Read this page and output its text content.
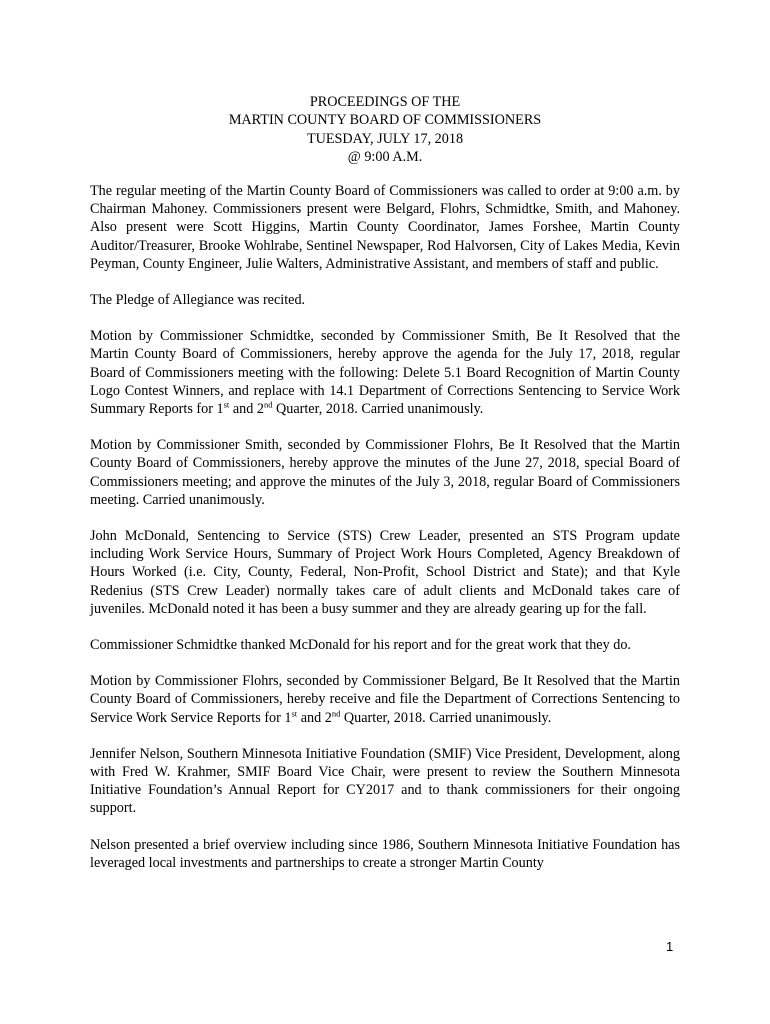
PROCEEDINGS OF THE
MARTIN COUNTY BOARD OF COMMISSIONERS
TUESDAY, JULY 17, 2018
@ 9:00 A.M.

The regular meeting of the Martin County Board of Commissioners was called to order at 9:00 a.m. by Chairman Mahoney. Commissioners present were Belgard, Flohrs, Schmidtke, Smith, and Mahoney. Also present were Scott Higgins, Martin County Coordinator, James Forshee, Martin County Auditor/Treasurer, Brooke Wohlrabe, Sentinel Newspaper, Rod Halvorsen, City of Lakes Media, Kevin Peyman, County Engineer, Julie Walters, Administrative Assistant, and members of staff and public.

The Pledge of Allegiance was recited.

Motion by Commissioner Schmidtke, seconded by Commissioner Smith, Be It Resolved that the Martin County Board of Commissioners, hereby approve the agenda for the July 17, 2018, regular Board of Commissioners meeting with the following: Delete 5.1 Board Recognition of Martin County Logo Contest Winners, and replace with 14.1 Department of Corrections Sentencing to Service Work Summary Reports for 1st and 2nd Quarter, 2018. Carried unanimously.

Motion by Commissioner Smith, seconded by Commissioner Flohrs, Be It Resolved that the Martin County Board of Commissioners, hereby approve the minutes of the June 27, 2018, special Board of Commissioners meeting; and approve the minutes of the July 3, 2018, regular Board of Commissioners meeting. Carried unanimously.

John McDonald, Sentencing to Service (STS) Crew Leader, presented an STS Program update including Work Service Hours, Summary of Project Work Hours Completed, Agency Breakdown of Hours Worked (i.e. City, County, Federal, Non-Profit, School District and State); and that Kyle Redenius (STS Crew Leader) normally takes care of adult clients and McDonald takes care of juveniles. McDonald noted it has been a busy summer and they are already gearing up for the fall.

Commissioner Schmidtke thanked McDonald for his report and for the great work that they do.

Motion by Commissioner Flohrs, seconded by Commissioner Belgard, Be It Resolved that the Martin County Board of Commissioners, hereby receive and file the Department of Corrections Sentencing to Service Work Service Reports for 1st and 2nd Quarter, 2018. Carried unanimously.

Jennifer Nelson, Southern Minnesota Initiative Foundation (SMIF) Vice President, Development, along with Fred W. Krahmer, SMIF Board Vice Chair, were present to review the Southern Minnesota Initiative Foundation’s Annual Report for CY2017 and to thank commissioners for their ongoing support.

Nelson presented a brief overview including since 1986, Southern Minnesota Initiative Foundation has leveraged local investments and partnerships to create a stronger Martin County

1
